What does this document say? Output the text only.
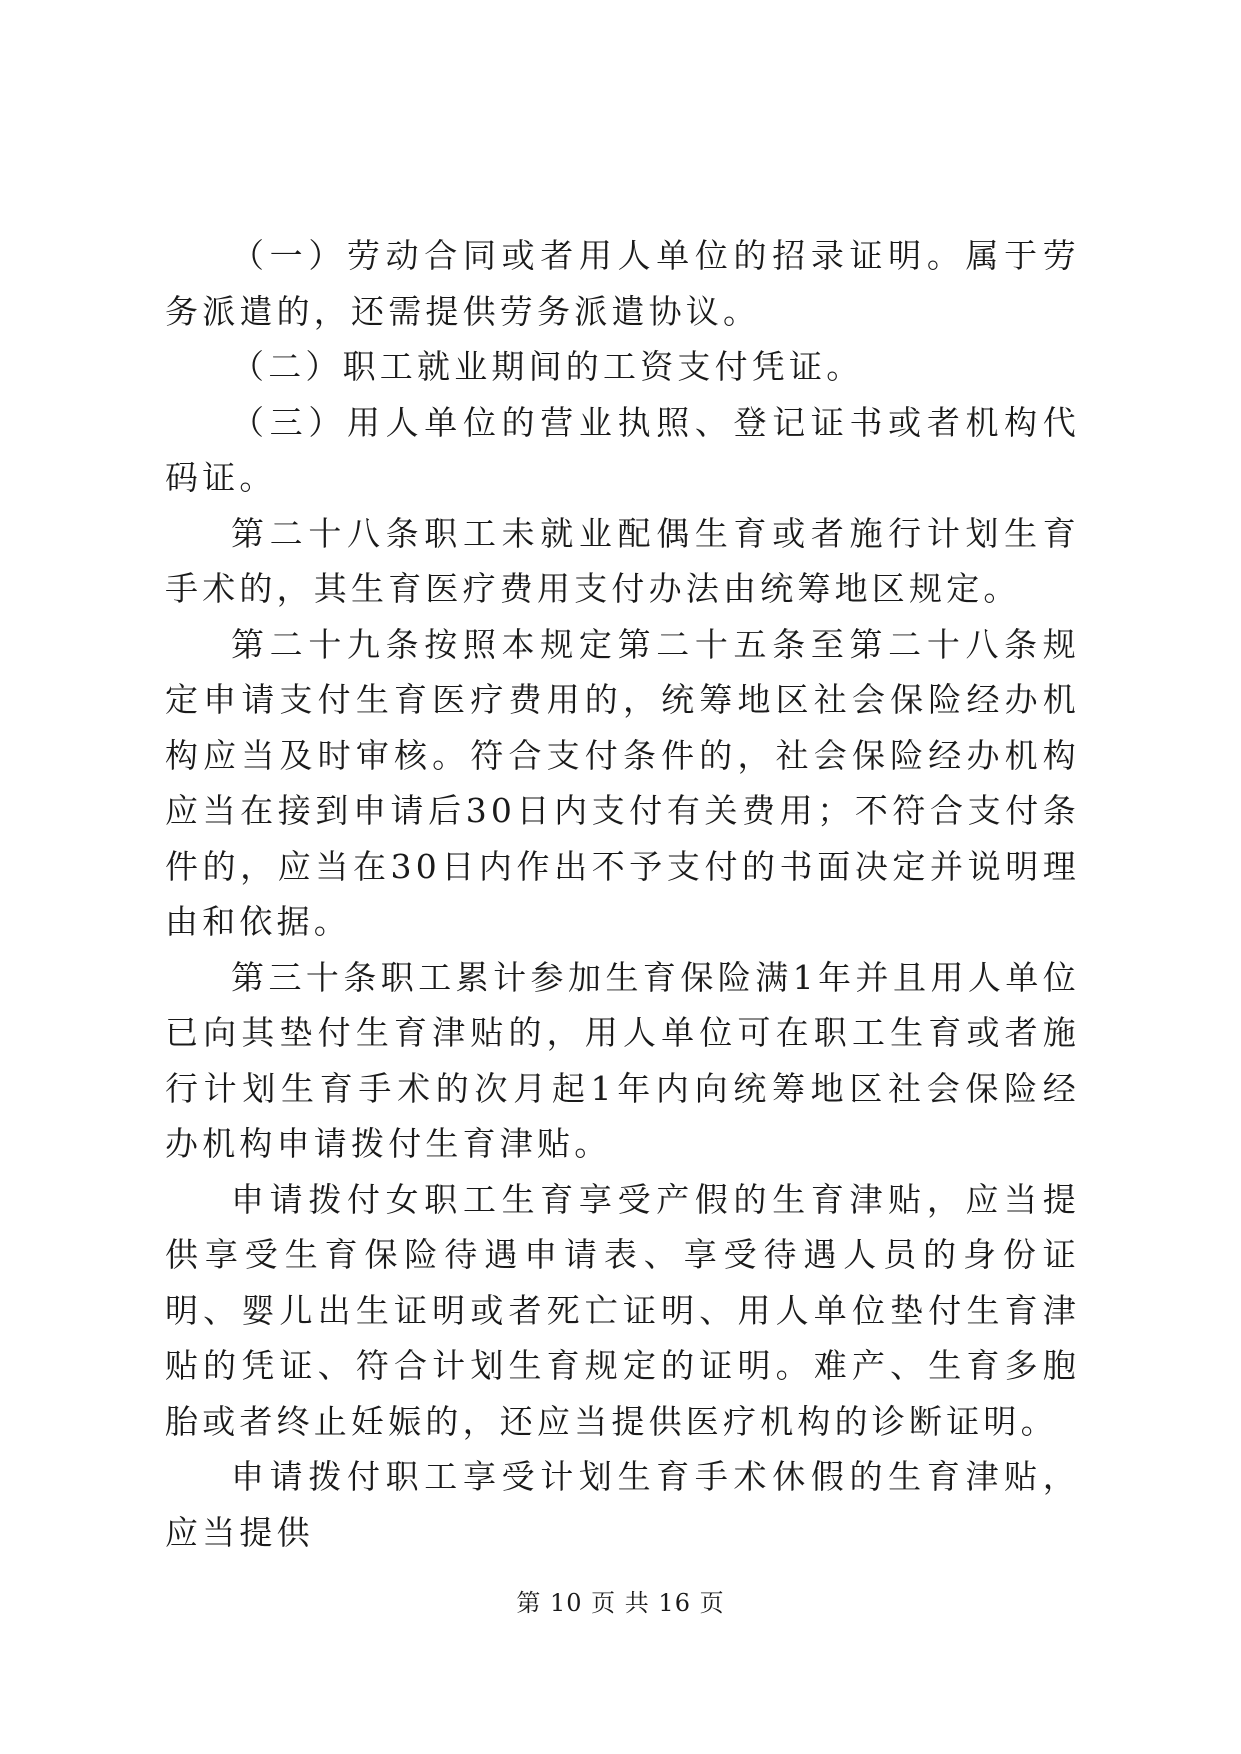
（一）劳动合同或者用人单位的招录证明。属于劳务派遣的，还需提供劳务派遣协议。

（二）职工就业期间的工资支付凭证。

（三）用人单位的营业执照、登记证书或者机构代码证。

第二十八条职工未就业配偶生育或者施行计划生育手术的，其生育医疗费用支付办法由统筹地区规定。

第二十九条按照本规定第二十五条至第二十八条规定申请支付生育医疗费用的，统筹地区社会保险经办机构应当及时审核。符合支付条件的，社会保险经办机构应当在接到申请后30日内支付有关费用；不符合支付条件的，应当在30日内作出不予支付的书面决定并说明理由和依据。

第三十条职工累计参加生育保险满1年并且用人单位已向其垫付生育津贴的，用人单位可在职工生育或者施行计划生育手术的次月起1年内向统筹地区社会保险经办机构申请拨付生育津贴。

申请拨付女职工生育享受产假的生育津贴，应当提供享受生育保险待遇申请表、享受待遇人员的身份证明、婴儿出生证明或者死亡证明、用人单位垫付生育津贴的凭证、符合计划生育规定的证明。难产、生育多胞胎或者终止妊娠的，还应当提供医疗机构的诊断证明。

申请拨付职工享受计划生育手术休假的生育津贴，应当提供

第 10 页 共 16 页
